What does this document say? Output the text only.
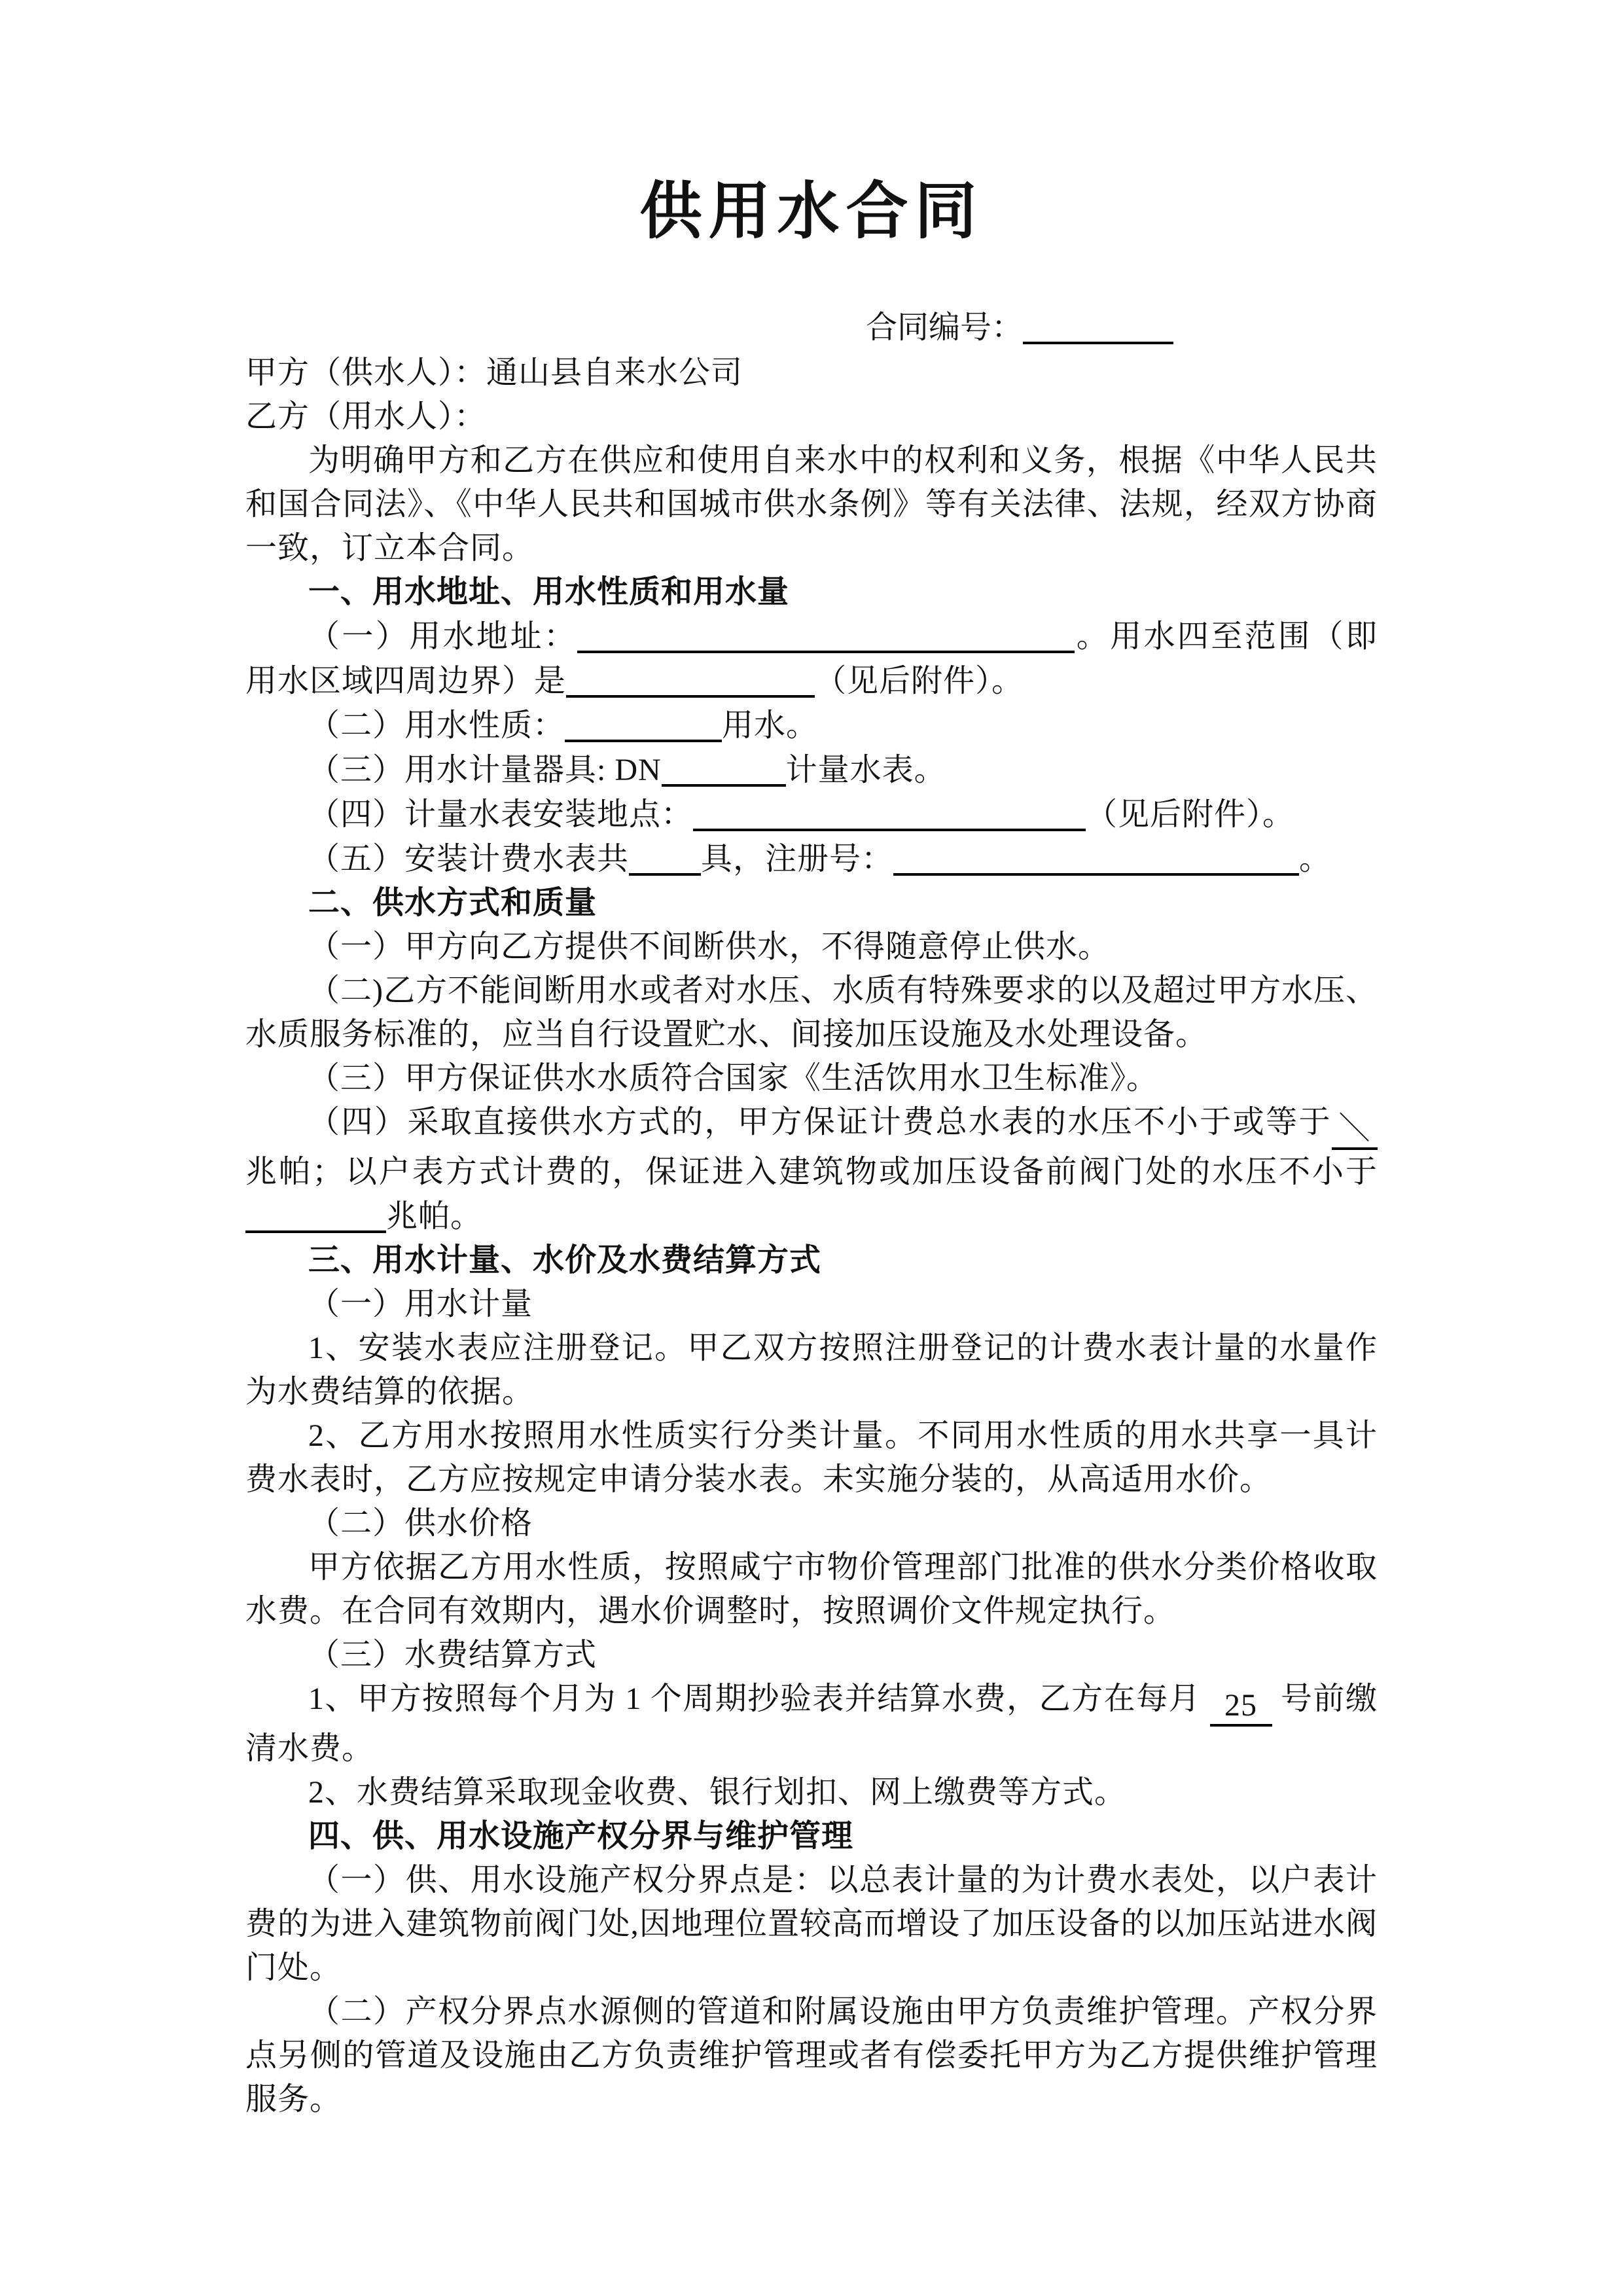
供用水合同
合同编号：

甲方（供水人）：通山县自来水公司

乙方（用水人）：

为明确甲方和乙方在供应和使用自来水中的权利和义务，根据《中华人民共和国合同法》、《中华人民共和国城市供水条例》等有关法律、法规，经双方协商一致，订立本合同。

一、用水地址、用水性质和用水量

（一）用水地址：	。用水四至范围（即用水区域四周边界）是	（见后附件）。

（二）用水性质：	用水。

（三）用水计量器具: DN	计量水表。

（四）计量水表安装地点：	（见后附件）。

（五）安装计费水表共 具，注册号：	。

二、供水方式和质量

（一）甲方向乙方提供不间断供水，不得随意停止供水。

（二)乙方不能间断用水或者对水压、水质有特殊要求的以及超过甲方水压、水质服务标准的，应当自行设置贮水、间接加压设施及水处理设备。

（三）甲方保证供水水质符合国家《生活饮用水卫生标准》。

（四）采取直接供水方式的，甲方保证计费总水表的水压不小于或等于 ＼兆帕；以户表方式计费的，保证进入建筑物或加压设备前阀门处的水压不小于兆帕。

三、用水计量、水价及水费结算方式

（一）用水计量

1、安装水表应注册登记。甲乙双方按照注册登记的计费水表计量的水量作为水费结算的依据。

2、乙方用水按照用水性质实行分类计量。不同用水性质的用水共享一具计费水表时，乙方应按规定申请分装水表。未实施分装的，从高适用水价。

（二）供水价格

甲方依据乙方用水性质，按照咸宁市物价管理部门批准的供水分类价格收取水费。在合同有效期内，遇水价调整时，按照调价文件规定执行。

（三）水费结算方式

1、甲方按照每个月为 1 个周期抄验表并结算水费，乙方在每月 25 号前缴清水费。

2、水费结算采取现金收费、银行划扣、网上缴费等方式。

四、供、用水设施产权分界与维护管理

（一）供、用水设施产权分界点是：以总表计量的为计费水表处，以户表计费的为进入建筑物前阀门处,因地理位置较高而增设了加压设备的以加压站进水阀门处。

（二）产权分界点水源侧的管道和附属设施由甲方负责维护管理。产权分界点另侧的管道及设施由乙方负责维护管理或者有偿委托甲方为乙方提供维护管理服务。
